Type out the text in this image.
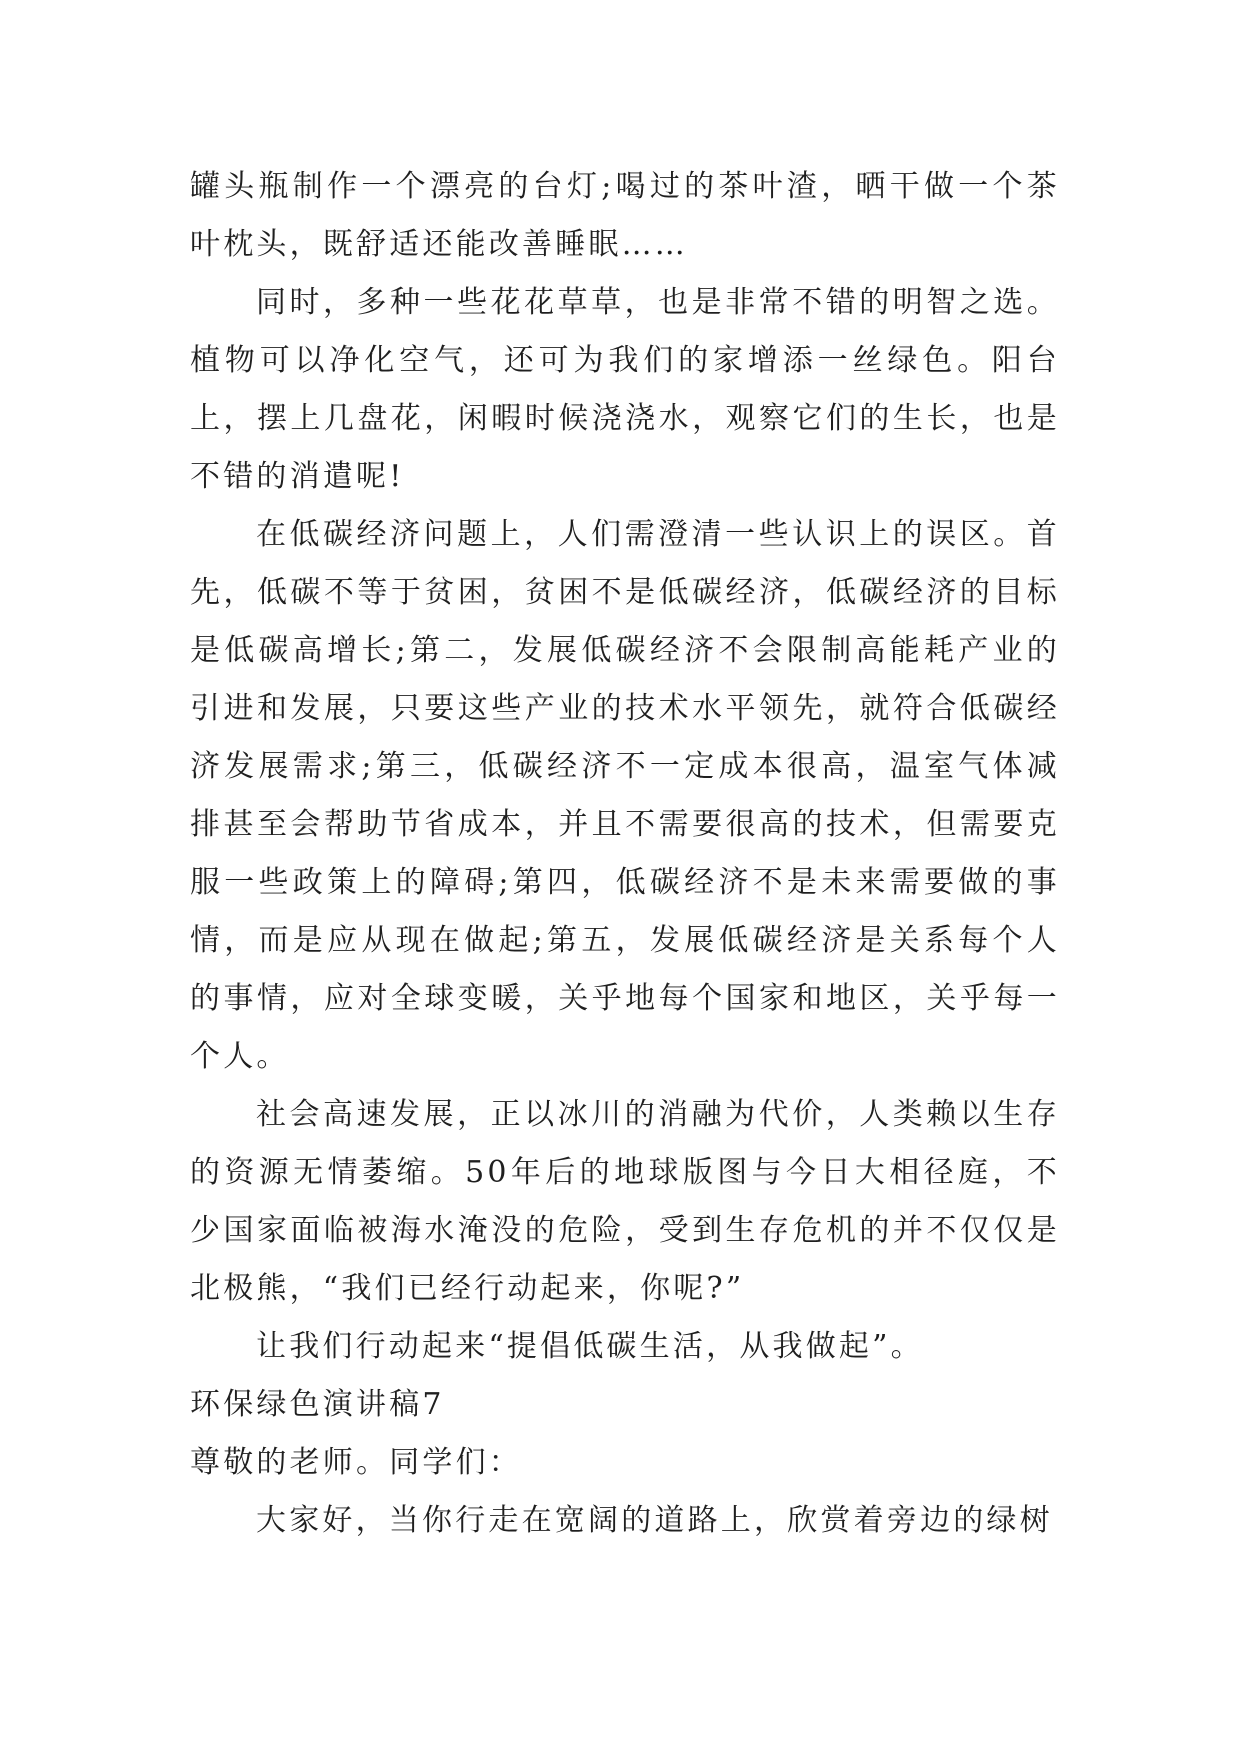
罐头瓶制作一个漂亮的台灯;喝过的茶叶渣，晒干做一个茶叶枕头，既舒适还能改善睡眠……

同时，多种一些花花草草，也是非常不错的明智之选。植物可以净化空气，还可为我们的家增添一丝绿色。阳台上，摆上几盘花，闲暇时候浇浇水，观察它们的生长，也是不错的消遣呢!

在低碳经济问题上，人们需澄清一些认识上的误区。首先，低碳不等于贫困，贫困不是低碳经济，低碳经济的目标是低碳高增长;第二，发展低碳经济不会限制高能耗产业的引进和发展，只要这些产业的技术水平领先，就符合低碳经济发展需求;第三，低碳经济不一定成本很高，温室气体减排甚至会帮助节省成本，并且不需要很高的技术，但需要克服一些政策上的障碍;第四，低碳经济不是未来需要做的事情，而是应从现在做起;第五，发展低碳经济是关系每个人的事情，应对全球变暖，关乎地每个国家和地区，关乎每一个人。

社会高速发展，正以冰川的消融为代价，人类赖以生存的资源无情萎缩。50年后的地球版图与今日大相径庭，不少国家面临被海水淹没的危险，受到生存危机的并不仅仅是北极熊，“我们已经行动起来，你呢?”

让我们行动起来“提倡低碳生活，从我做起”。

环保绿色演讲稿7

尊敬的老师。同学们：

大家好，当你行走在宽阔的道路上，欣赏着旁边的绿树
